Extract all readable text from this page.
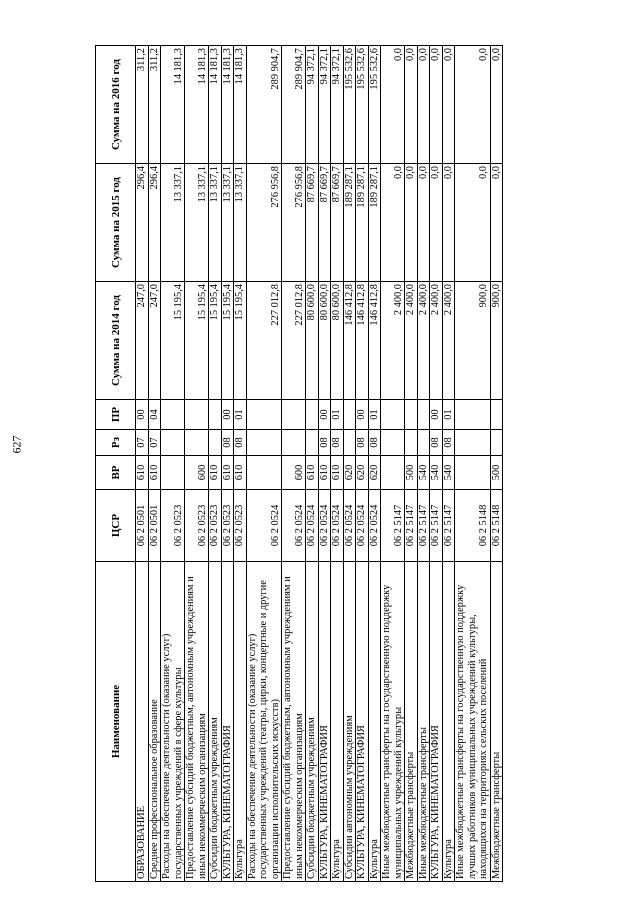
627
Наименование	ЦСР	ВР	Рз	ПР	Сумма на 2014 год	Сумма на 2015 год	Сумма на 2016 год
ОБРАЗОВАНИЕ	06 2 0501	610	07	00	247,0	296,4	311,2
Среднее профессиональное образование	06 2 0501	610	07	04	247,0	296,4	311,2
Расходы на обеспечение деятельности (оказание услуг) государственных учреждений в сфере культуры	06 2 0523				15 195,4	13 337,1	14 181,3
Предоставление субсидий бюджетным, автономным учреждениям и иным некоммерческим организациям	06 2 0523	600			15 195,4	13 337,1	14 181,3
Субсидии бюджетным учреждениям	06 2 0523	610			15 195,4	13 337,1	14 181,3
КУЛЬТУРА, КИНЕМАТОГРАФИЯ	06 2 0523	610	08	00	15 195,4	13 337,1	14 181,3
Культура	06 2 0523	610	08	01	15 195,4	13 337,1	14 181,3
Расходы на обеспечение деятельности (оказание услуг) государственных учреждений (театры, цирки, концертные и другие организации исполнительских искусств)	06 2 0524				227 012,8	276 956,8	289 904,7
Предоставление субсидий бюджетным, автономным учреждениям и иным некоммерческим организациям	06 2 0524	600			227 012,8	276 956,8	289 904,7
Субсидии бюджетным учреждениям	06 2 0524	610			80 600,0	87 669,7	94 372,1
КУЛЬТУРА, КИНЕМАТОГРАФИЯ	06 2 0524	610	08	00	80 600,0	87 669,7	94 372,1
Культура	06 2 0524	610	08	01	80 600,0	87 669,7	94 372,1
Субсидии автономным учреждениям	06 2 0524	620			146 412,8	189 287,1	195 532,6
КУЛЬТУРА, КИНЕМАТОГРАФИЯ	06 2 0524	620	08	00	146 412,8	189 287,1	195 532,6
Культура	06 2 0524	620	08	01	146 412,8	189 287,1	195 532,6
Иные межбюджетные трансферты на государственную поддержку муниципальных учреждений культуры	06 2 5147				2 400,0	0,0	0,0
Межбюджетные трансферты	06 2 5147	500			2 400,0	0,0	0,0
Иные межбюджетные трансферты	06 2 5147	540			2 400,0	0,0	0,0
КУЛЬТУРА, КИНЕМАТОГРАФИЯ	06 2 5147	540	08	00	2 400,0	0,0	0,0
Культура	06 2 5147	540	08	01	2 400,0	0,0	0,0
Иные межбюджетные трансферты на государственную поддержку лучших работников муниципальных учреждений культуры, находящихся на территориях сельских поселений	06 2 5148				900,0	0,0	0,0
Межбюджетные трансферты	06 2 5148	500			900,0	0,0	0,0
